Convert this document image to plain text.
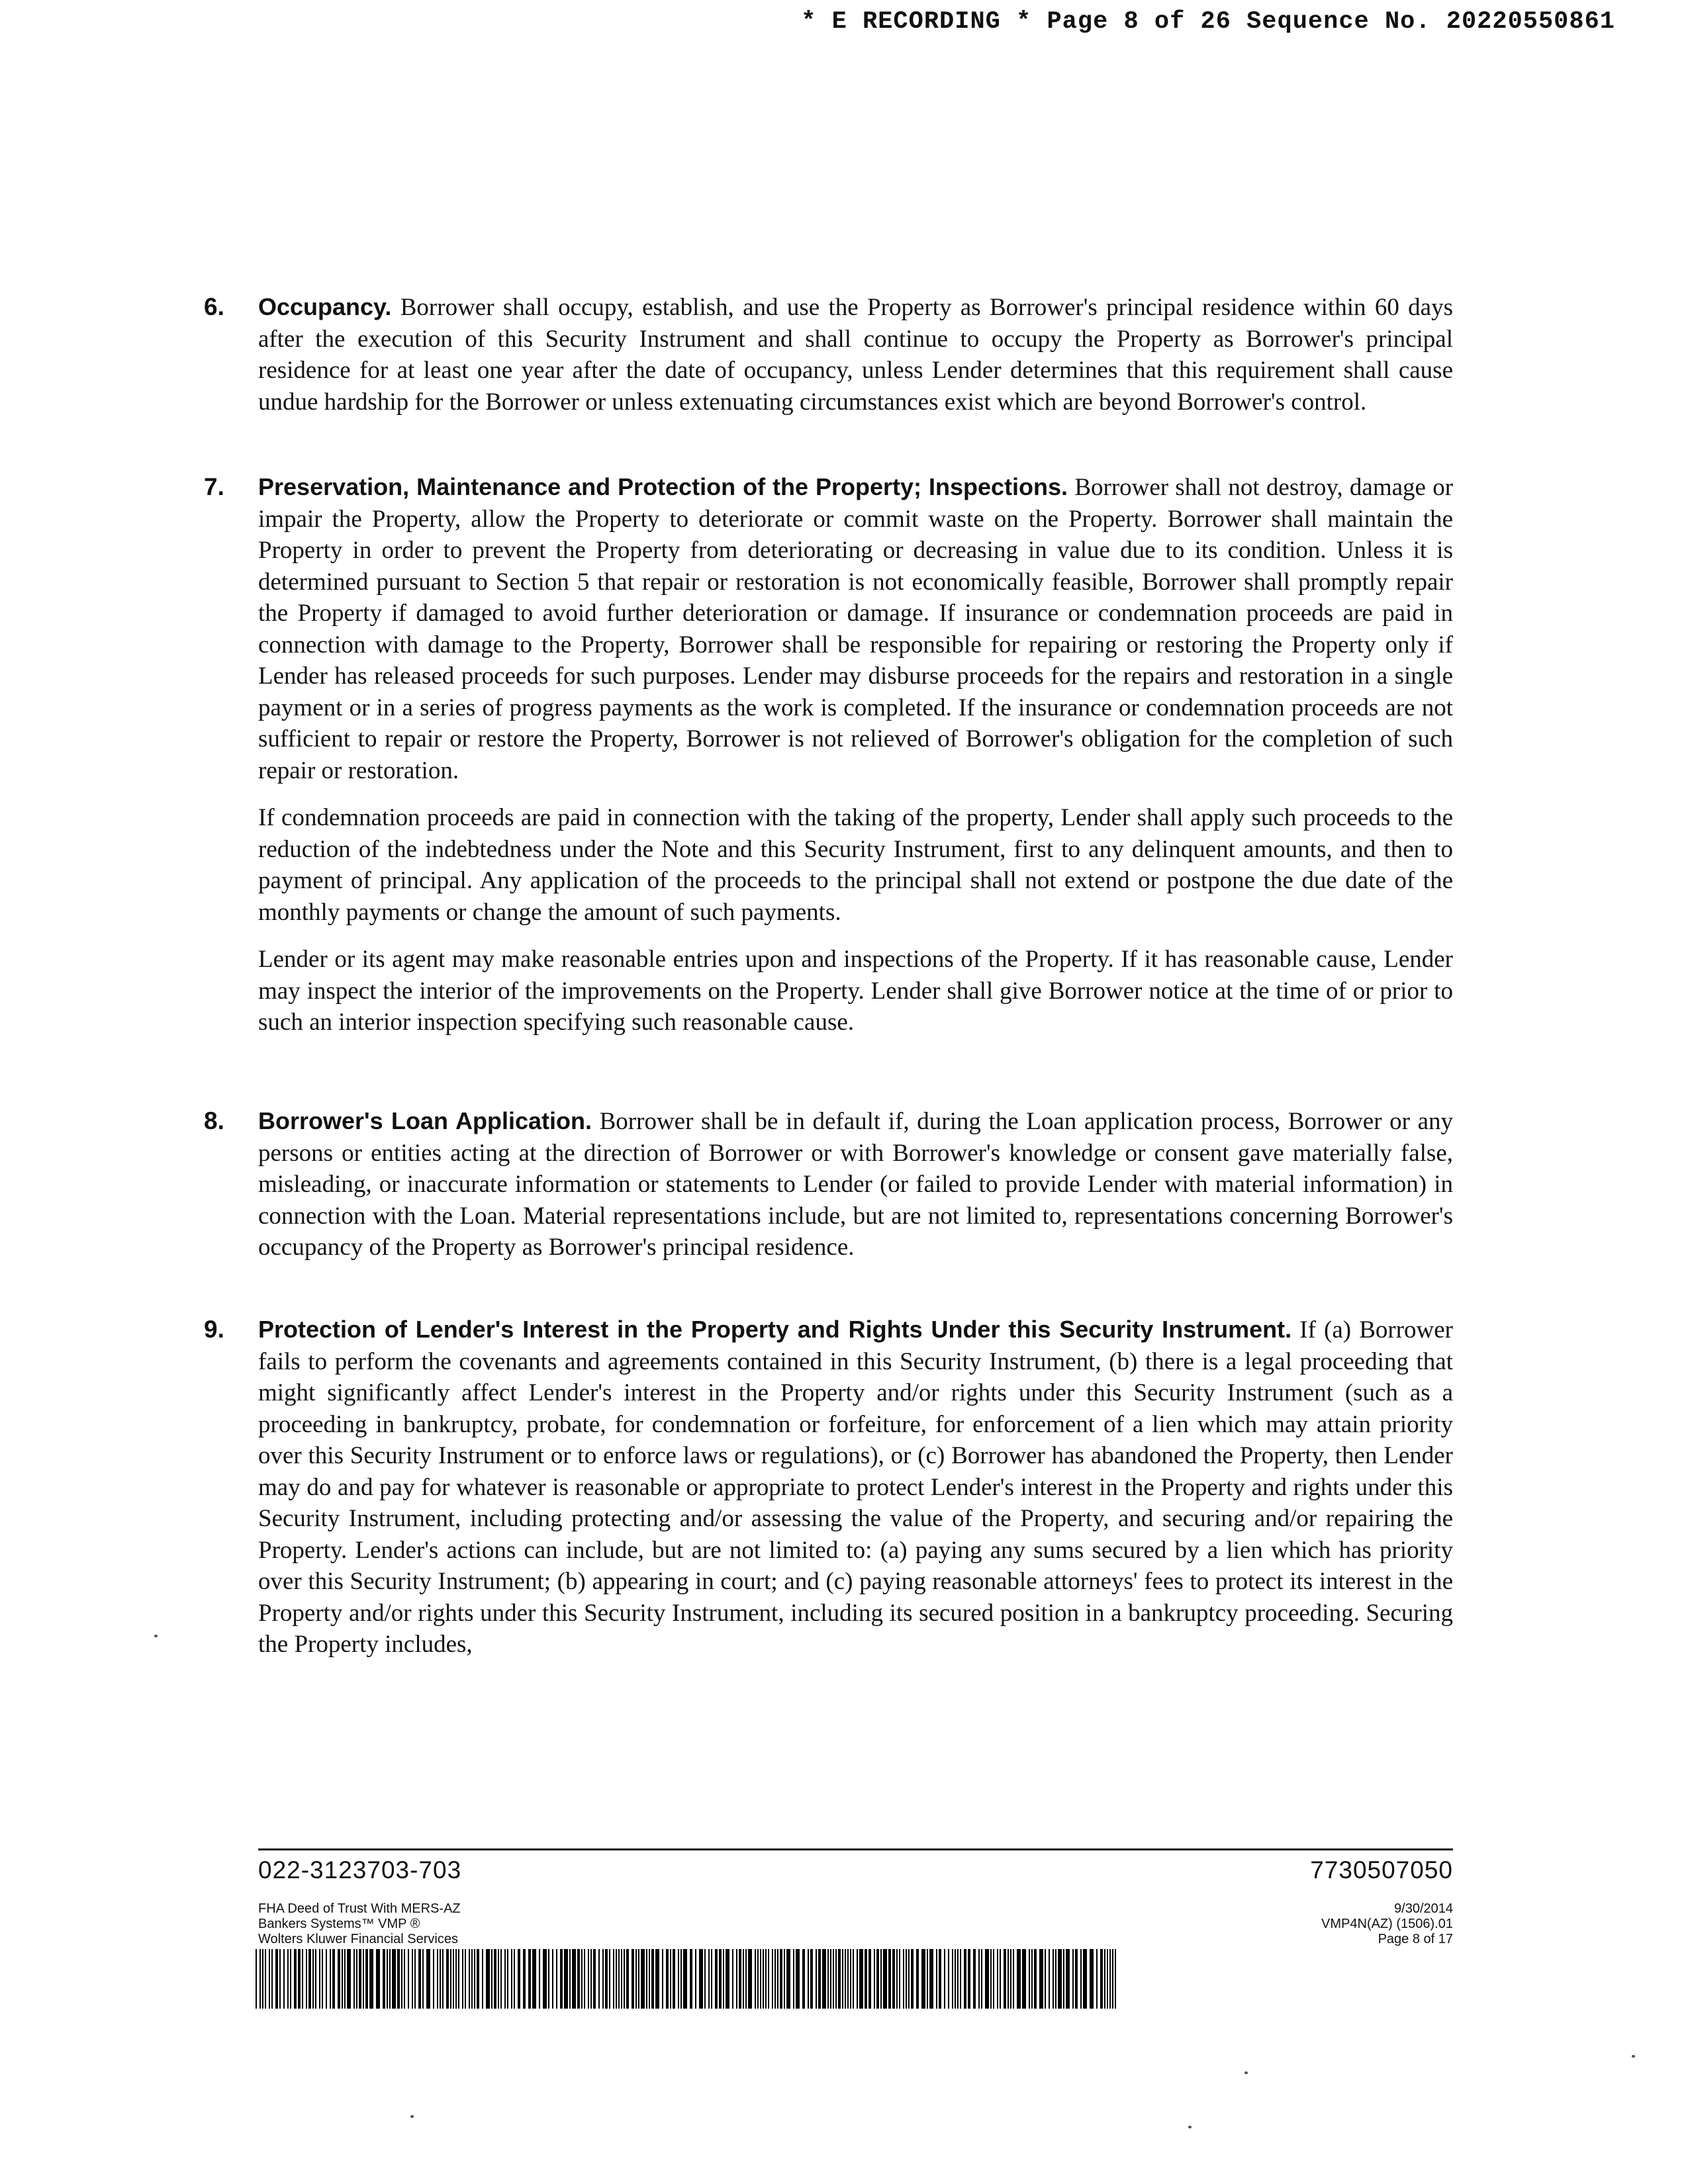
* E RECORDING * Page 8 of 26 Sequence No. 20220550861
6. Occupancy. Borrower shall occupy, establish, and use the Property as Borrower's principal residence within 60 days after the execution of this Security Instrument and shall continue to occupy the Property as Borrower's principal residence for at least one year after the date of occupancy, unless Lender determines that this requirement shall cause undue hardship for the Borrower or unless extenuating circumstances exist which are beyond Borrower's control.

7. Preservation, Maintenance and Protection of the Property; Inspections. Borrower shall not destroy, damage or impair the Property, allow the Property to deteriorate or commit waste on the Property. Borrower shall maintain the Property in order to prevent the Property from deteriorating or decreasing in value due to its condition. Unless it is determined pursuant to Section 5 that repair or restoration is not economically feasible, Borrower shall promptly repair the Property if damaged to avoid further deterioration or damage. If insurance or condemnation proceeds are paid in connection with damage to the Property, Borrower shall be responsible for repairing or restoring the Property only if Lender has released proceeds for such purposes. Lender may disburse proceeds for the repairs and restoration in a single payment or in a series of progress payments as the work is completed. If the insurance or condemnation proceeds are not sufficient to repair or restore the Property, Borrower is not relieved of Borrower's obligation for the completion of such repair or restoration.

If condemnation proceeds are paid in connection with the taking of the property, Lender shall apply such proceeds to the reduction of the indebtedness under the Note and this Security Instrument, first to any delinquent amounts, and then to payment of principal. Any application of the proceeds to the principal shall not extend or postpone the due date of the monthly payments or change the amount of such payments.

Lender or its agent may make reasonable entries upon and inspections of the Property. If it has reasonable cause, Lender may inspect the interior of the improvements on the Property. Lender shall give Borrower notice at the time of or prior to such an interior inspection specifying such reasonable cause.

8. Borrower's Loan Application. Borrower shall be in default if, during the Loan application process, Borrower or any persons or entities acting at the direction of Borrower or with Borrower's knowledge or consent gave materially false, misleading, or inaccurate information or statements to Lender (or failed to provide Lender with material information) in connection with the Loan. Material representations include, but are not limited to, representations concerning Borrower's occupancy of the Property as Borrower's principal residence.

9. Protection of Lender's Interest in the Property and Rights Under this Security Instrument. If (a) Borrower fails to perform the covenants and agreements contained in this Security Instrument, (b) there is a legal proceeding that might significantly affect Lender's interest in the Property and/or rights under this Security Instrument (such as a proceeding in bankruptcy, probate, for condemnation or forfeiture, for enforcement of a lien which may attain priority over this Security Instrument or to enforce laws or regulations), or (c) Borrower has abandoned the Property, then Lender may do and pay for whatever is reasonable or appropriate to protect Lender's interest in the Property and rights under this Security Instrument, including protecting and/or assessing the value of the Property, and securing and/or repairing the Property. Lender's actions can include, but are not limited to: (a) paying any sums secured by a lien which has priority over this Security Instrument; (b) appearing in court; and (c) paying reasonable attorneys' fees to protect its interest in the Property and/or rights under this Security Instrument, including its secured position in a bankruptcy proceeding. Securing the Property includes,

022-3123703-703	7730507050
FHA Deed of Trust With MERS-AZ
Bankers Systems™ VMP ®
Wolters Kluwer Financial Services
9/30/2014
VMP4N(AZ) (1506).01
Page 8 of 17
